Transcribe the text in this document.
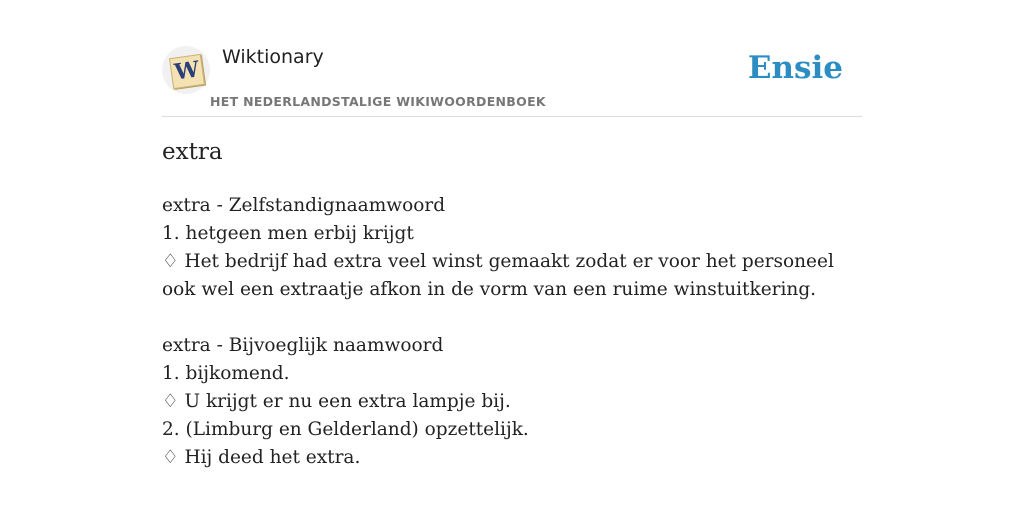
W Wiktionary
HET NEDERLANDSTALIGE WIKIWOORDENBOEK
Ensie
extra

extra - Zelfstandignaamwoord

1. hetgeen men erbij krijgt

♢ Het bedrijf had extra veel winst gemaakt zodat er voor het personeel ook wel een extraatje afkon in de vorm van een ruime winstuitkering.

extra - Bijvoeglijk naamwoord

1. bijkomend.

♢ U krijgt er nu een extra lampje bij.

2. (Limburg en Gelderland) opzettelijk.

♢ Hij deed het extra.
